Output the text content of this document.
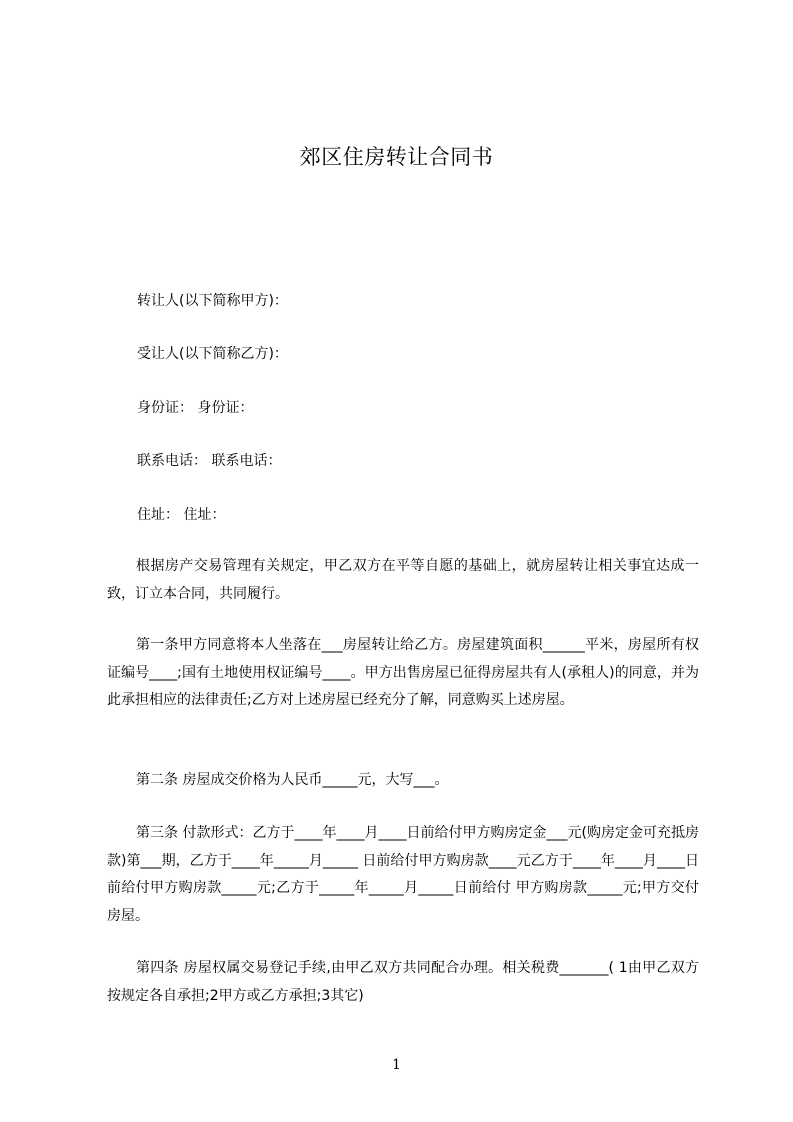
郊区住房转让合同书
转让人(以下简称甲方)：
受让人(以下简称乙方)：
身份证： 身份证：
联系电话： 联系电话：
住址： 住址：
根据房产交易管理有关规定，甲乙双方在平等自愿的基础上，就房屋转让相关事宜达成一致，订立本合同，共同履行。
第一条甲方同意将本人坐落在___房屋转让给乙方。房屋建筑面积______平米，房屋所有权证编号____;国有土地使用权证编号____。甲方出售房屋已征得房屋共有人(承租人)的同意，并为此承担相应的法律责任;乙方对上述房屋已经充分了解，同意购买上述房屋。
第二条 房屋成交价格为人民币_____元，大写___。
第三条 付款形式：乙方于____年____月____日前给付甲方购房定金___元(购房定金可充抵房款)第___期，乙方于____年_____月_____ 日前给付甲方购房款____元乙方于____年____月____日前给付甲方购房款_____元;乙方于_____年_____月_____日前给付 甲方购房款_____元;甲方交付房屋。
第四条 房屋权属交易登记手续,由甲乙双方共同配合办理。相关税费_______( 1由甲乙双方按规定各自承担;2甲方或乙方承担;3其它)
1
